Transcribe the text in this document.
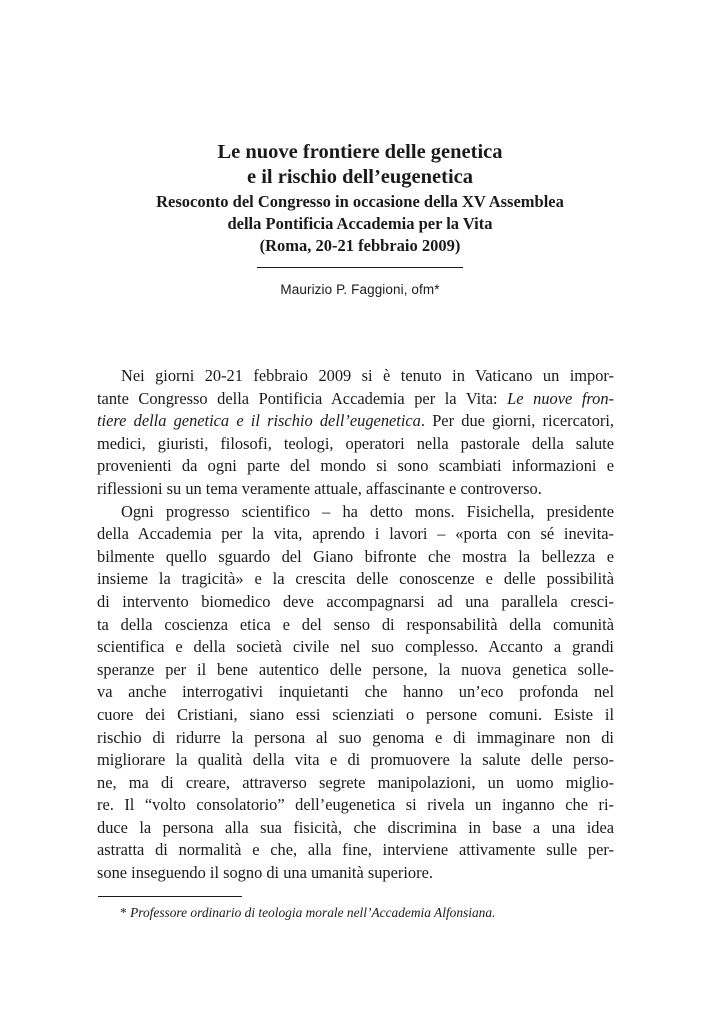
Le nuove frontiere delle genetica
e il rischio dell’eugenetica
Resoconto del Congresso in occasione della XV Assemblea
della Pontificia Accademia per la Vita
(Roma, 20-21 febbraio 2009)
Maurizio P. Faggioni, ofm*

Nei giorni 20-21 febbraio 2009 si è tenuto in Vaticano un impor-
tante Congresso della Pontificia Accademia per la Vita: Le nuove fron-
tiere della genetica e il rischio dell’eugenetica. Per due giorni, ricercatori,
medici, giuristi, filosofi, teologi, operatori nella pastorale della salute
provenienti da ogni parte del mondo si sono scambiati informazioni e
riflessioni su un tema veramente attuale, affascinante e controverso.

Ogni progresso scientifico – ha detto mons. Fisichella, presidente
della Accademia per la vita, aprendo i lavori – «porta con sé inevita-
bilmente quello sguardo del Giano bifronte che mostra la bellezza e
insieme la tragicità» e la crescita delle conoscenze e delle possibilità
di intervento biomedico deve accompagnarsi ad una parallela cresci-
ta della coscienza etica e del senso di responsabilità della comunità
scientifica e della società civile nel suo complesso. Accanto a grandi
speranze per il bene autentico delle persone, la nuova genetica solle-
va anche interrogativi inquietanti che hanno un’eco profonda nel
cuore dei Cristiani, siano essi scienziati o persone comuni. Esiste il
rischio di ridurre la persona al suo genoma e di immaginare non di
migliorare la qualità della vita e di promuovere la salute delle perso-
ne, ma di creare, attraverso segrete manipolazioni, un uomo miglio-
re. Il “volto consolatorio” dell’eugenetica si rivela un inganno che ri-
duce la persona alla sua fisicità, che discrimina in base a una idea
astratta di normalità e che, alla fine, interviene attivamente sulle per-
sone inseguendo il sogno di una umanità superiore.

* Professore ordinario di teologia morale nell’Accademia Alfonsiana.
